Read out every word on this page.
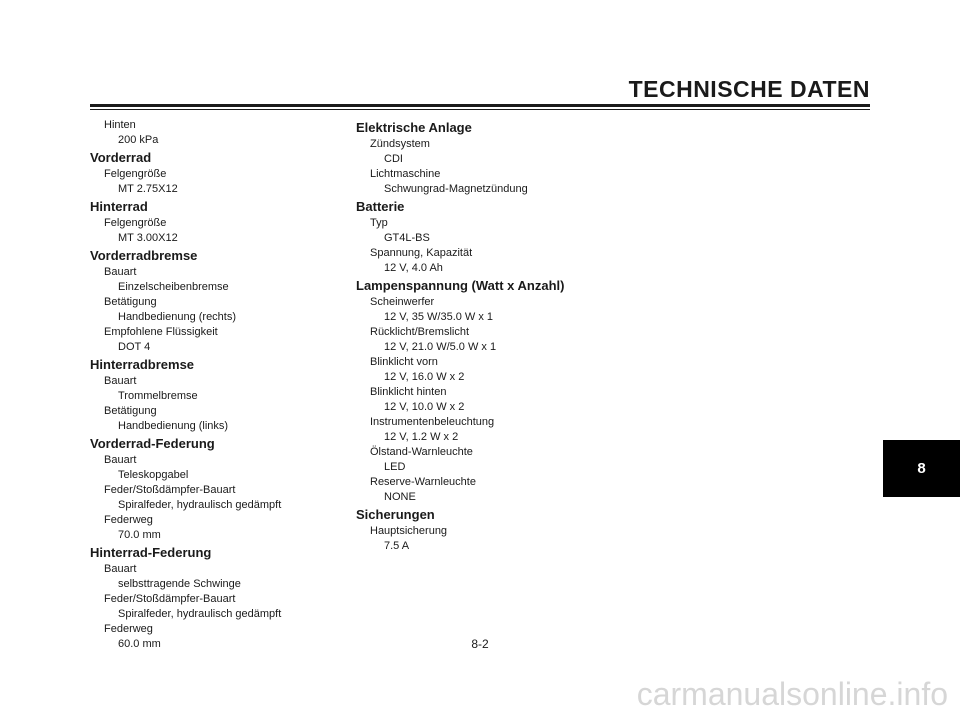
TECHNISCHE DATEN
Hinten
200 kPa
Vorderrad
Felgengröße
MT 2.75X12
Hinterrad
Felgengröße
MT 3.00X12
Vorderradbremse
Bauart
Einzelscheibenbremse
Betätigung
Handbedienung (rechts)
Empfohlene Flüssigkeit
DOT 4
Hinterradbremse
Bauart
Trommelbremse
Betätigung
Handbedienung (links)
Vorderrad-Federung
Bauart
Teleskopgabel
Feder/Stoßdämpfer-Bauart
Spiralfeder, hydraulisch gedämpft
Federweg
70.0 mm
Hinterrad-Federung
Bauart
selbsttragende Schwinge
Feder/Stoßdämpfer-Bauart
Spiralfeder, hydraulisch gedämpft
Federweg
60.0 mm
Elektrische Anlage
Zündsystem
CDI
Lichtmaschine
Schwungrad-Magnetzündung
Batterie
Typ
GT4L-BS
Spannung, Kapazität
12 V, 4.0 Ah
Lampenspannung (Watt x Anzahl)
Scheinwerfer
12 V, 35 W/35.0 W x 1
Rücklicht/Bremslicht
12 V, 21.0 W/5.0 W x 1
Blinklicht vorn
12 V, 16.0 W x 2
Blinklicht hinten
12 V, 10.0 W x 2
Instrumentenbeleuchtung
12 V, 1.2 W x 2
Ölstand-Warnleuchte
LED
Reserve-Warnleuchte
NONE
Sicherungen
Hauptsicherung
7.5 A
8-2
8
carmanualsonline.info
